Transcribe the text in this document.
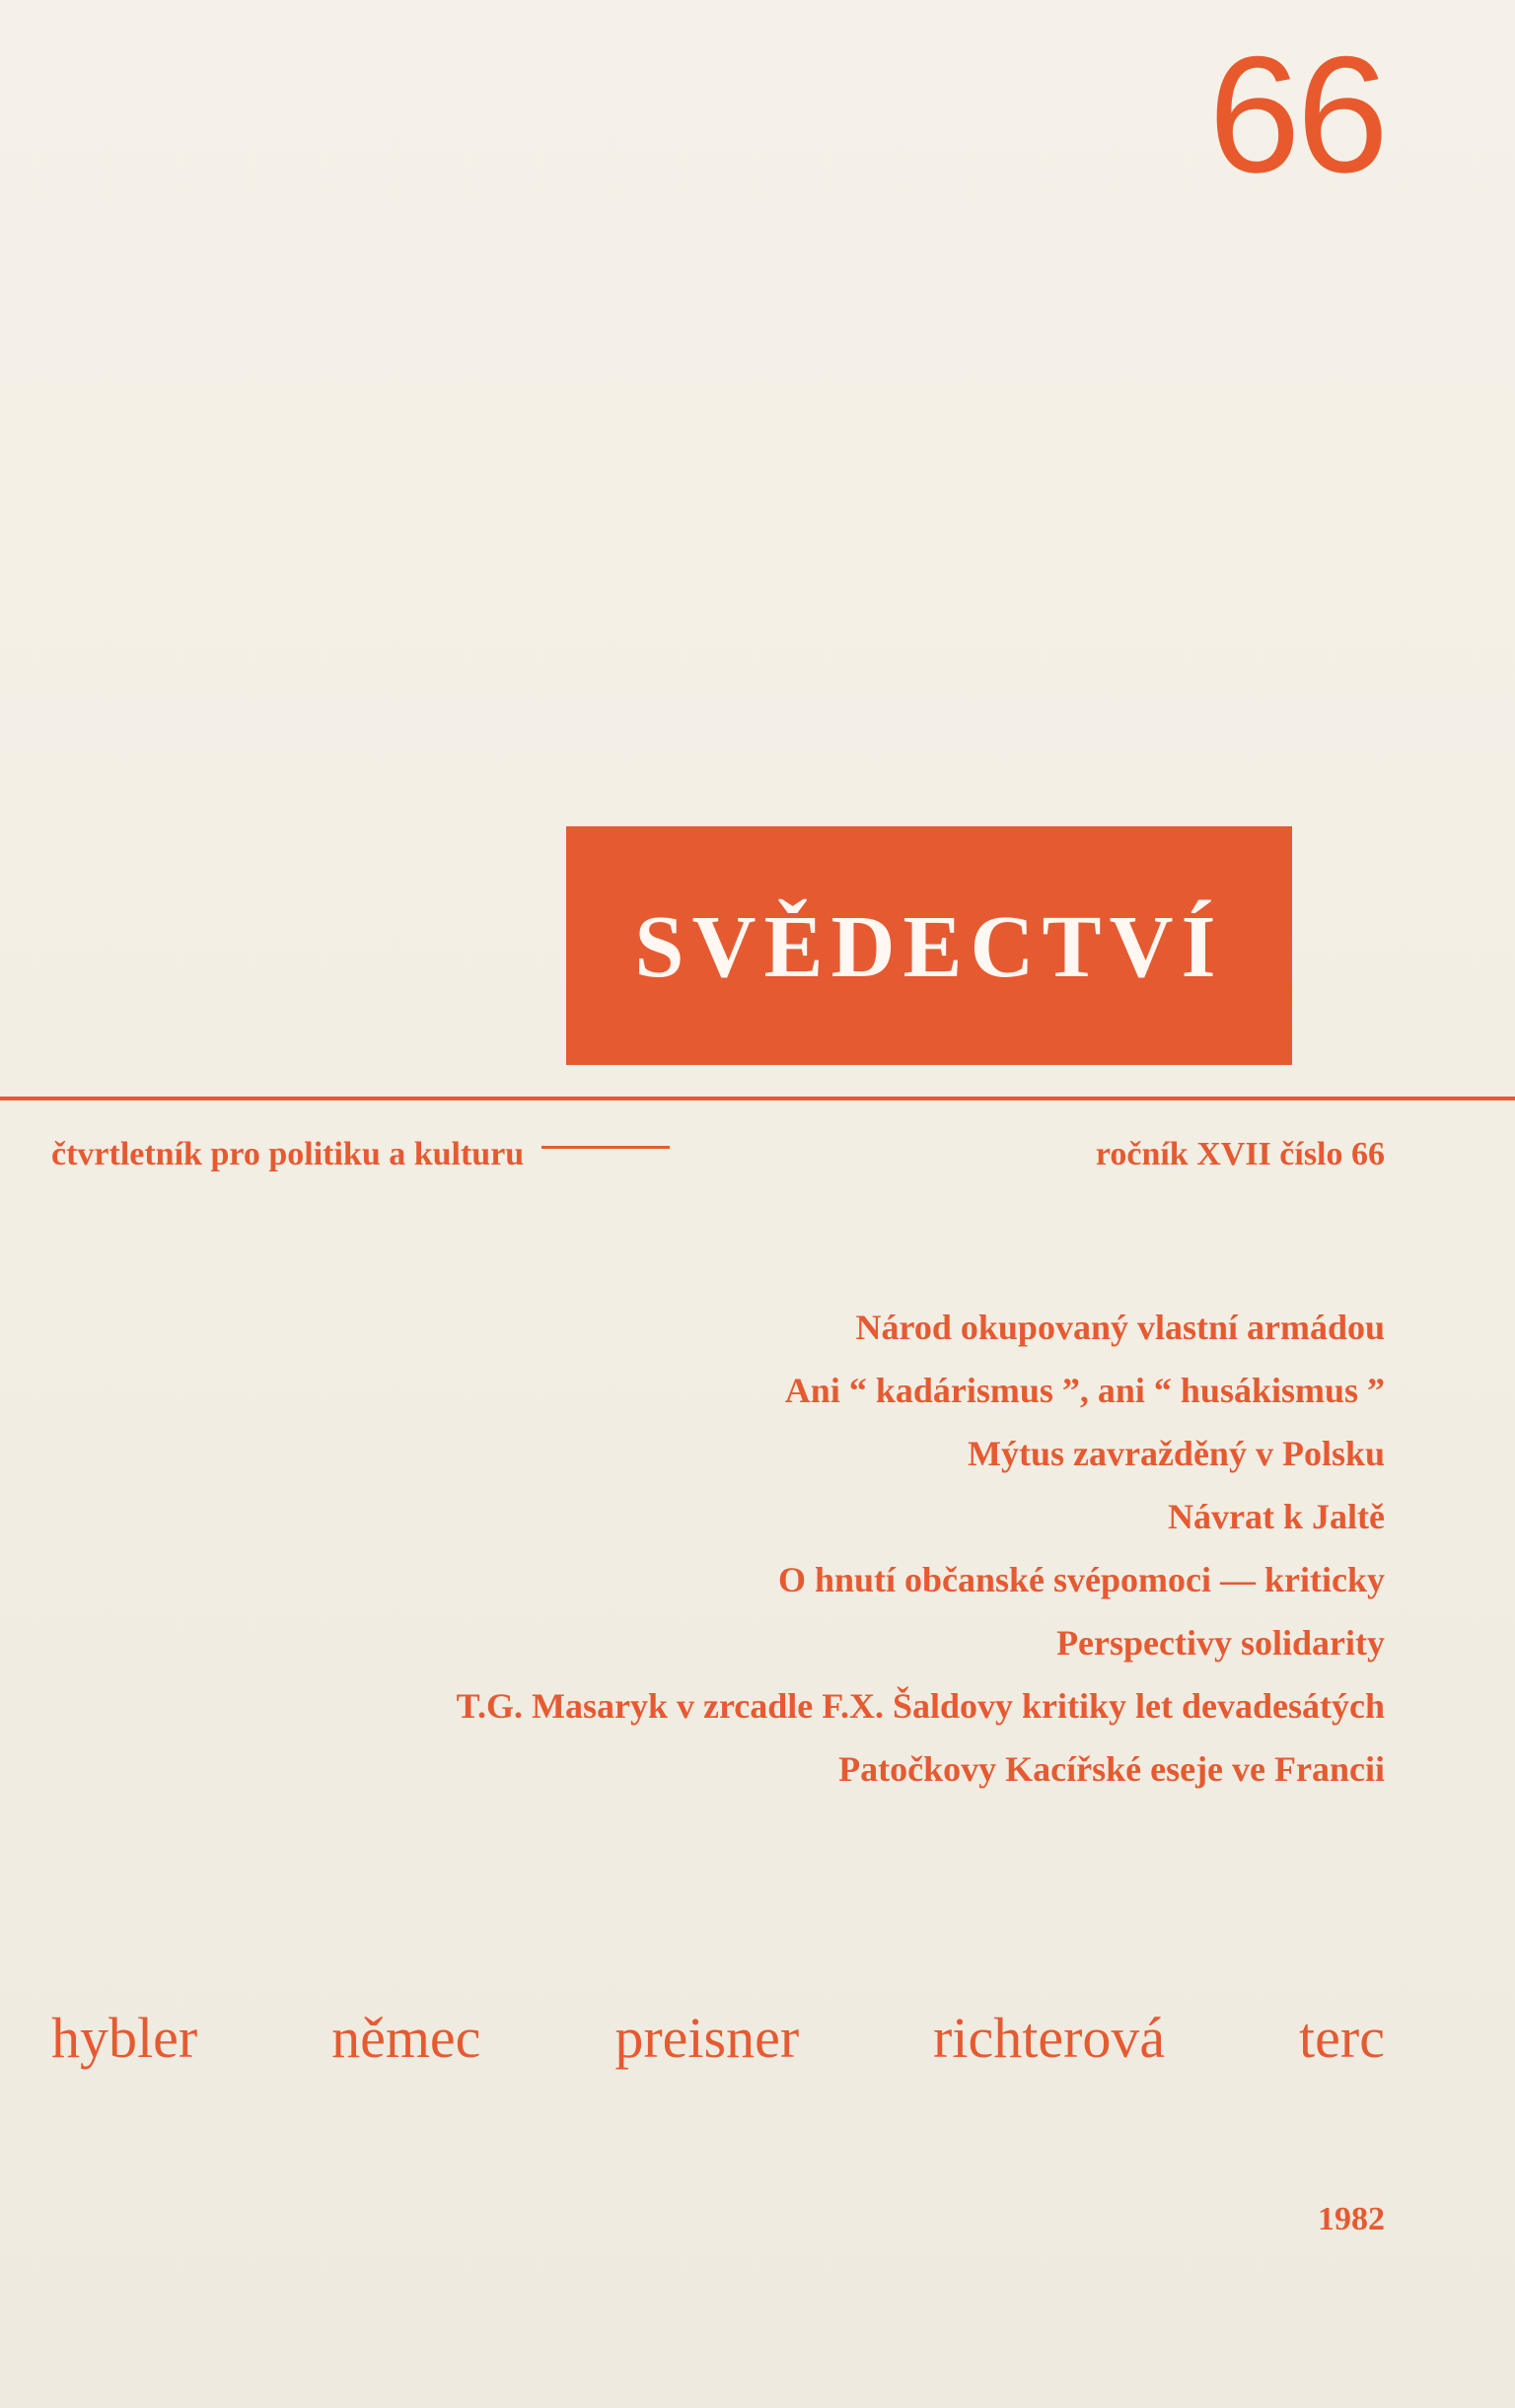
66
SVĚDECTVÍ
čtvrtletník pro politiku a kulturu	ročník XVII číslo 66
Národ okupovaný vlastní armádou
Ani “ kadárismus ”, ani “ husákismus ”
Mýtus zavražděný v Polsku
Návrat k Jaltě
O hnutí občanské svépomoci — kriticky
Perspectivy solidarity
T.G. Masaryk v zrcadle F.X. Šaldovy kritiky let devadesátých
Patočkovy Kacířské eseje ve Francii
hybler němec preisner richterová terc
1982
